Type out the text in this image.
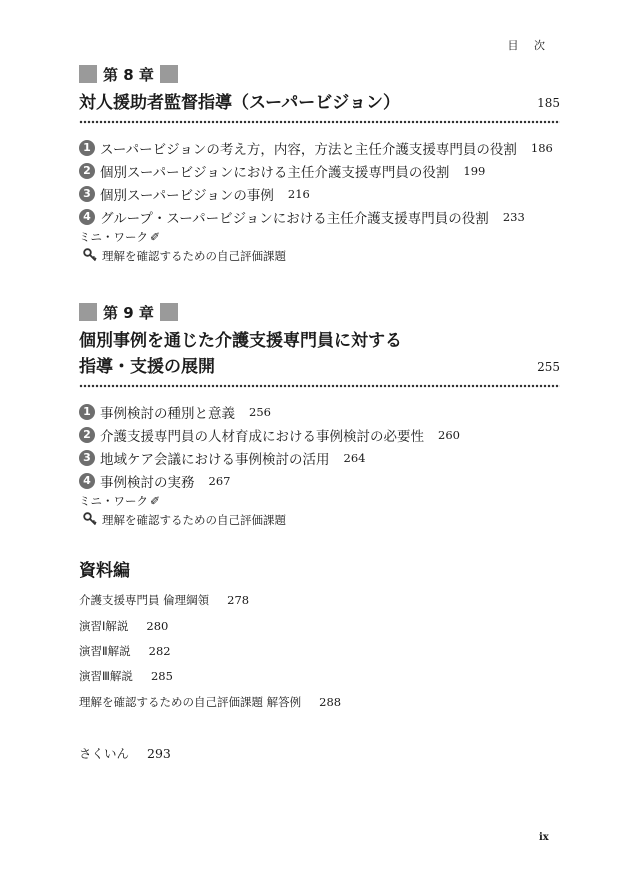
目 次
第 8 章
対人援助者監督指導（スーパービジョン）	185
1 スーパービジョンの考え方，内容，方法と主任介護支援専門員の役割 186
2 個別スーパービジョンにおける主任介護支援専門員の役割 199
3 個別スーパービジョンの事例 216
4 グループ・スーパービジョンにおける主任介護支援専門員の役割 233
ミニ・ワーク ✐
理解を確認するための自己評価課題
第 9 章
個別事例を通じた介護支援専門員に対する
指導・支援の展開	255
1 事例検討の種別と意義 256
2 介護支援専門員の人材育成における事例検討の必要性 260
3 地域ケア会議における事例検討の活用 264
4 事例検討の実務 267
ミニ・ワーク ✐
理解を確認するための自己評価課題
資料編
介護支援専門員 倫理綱領 278
演習Ⅰ解説 280
演習Ⅱ解説 282
演習Ⅲ解説 285
理解を確認するための自己評価課題 解答例 288
さくいん 293
ix
